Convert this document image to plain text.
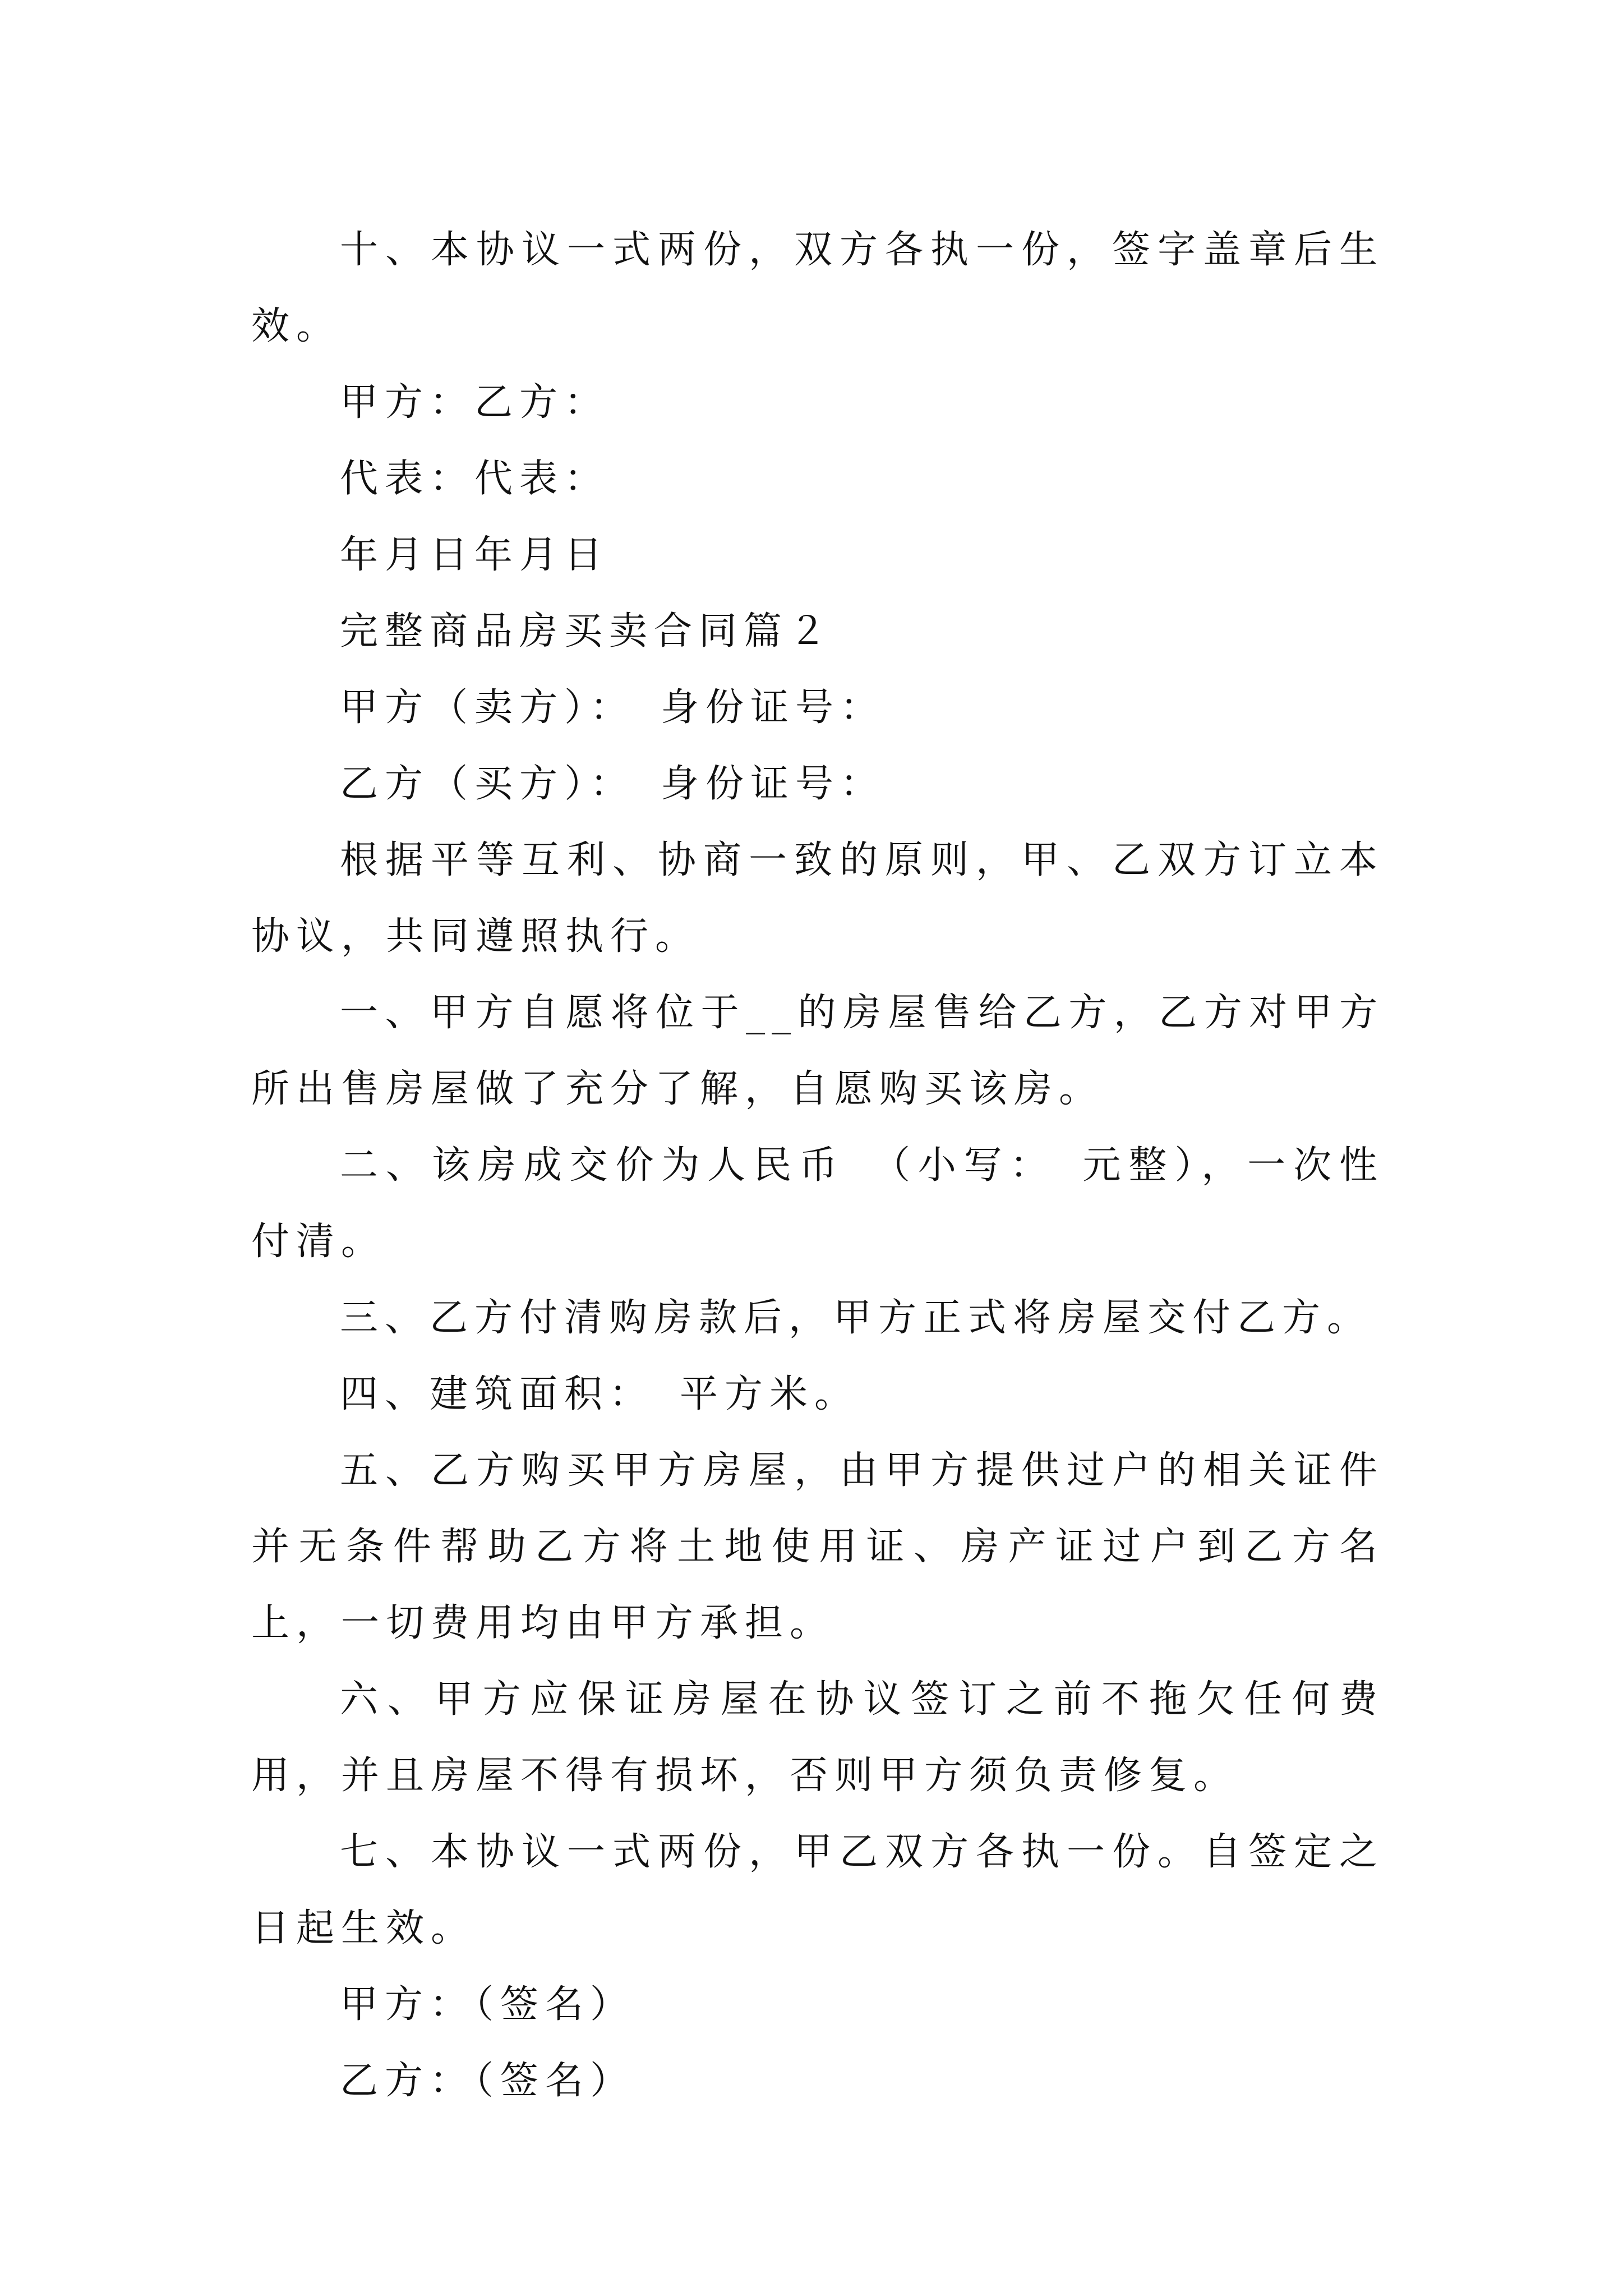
十、本协议一式两份，双方各执一份，签字盖章后生效。

甲方：乙方：

代表：代表：

年月日年月日

完整商品房买卖合同篇２

甲方（卖方）：　身份证号：

乙方（买方）：　身份证号：

根据平等互利、协商一致的原则，甲、乙双方订立本协议，共同遵照执行。

一、甲方自愿将位于__的房屋售给乙方，乙方对甲方所出售房屋做了充分了解，自愿购买该房。

二、该房成交价为人民币　（小写：　元整），一次性付清。

三、乙方付清购房款后，甲方正式将房屋交付乙方。

四、建筑面积：　平方米。

五、乙方购买甲方房屋，由甲方提供过户的相关证件并无条件帮助乙方将土地使用证、房产证过户到乙方名上，一切费用均由甲方承担。

六、甲方应保证房屋在协议签订之前不拖欠任何费用，并且房屋不得有损坏，否则甲方须负责修复。

七、本协议一式两份，甲乙双方各执一份。自签定之日起生效。

甲方：（签名）

乙方：（签名）
